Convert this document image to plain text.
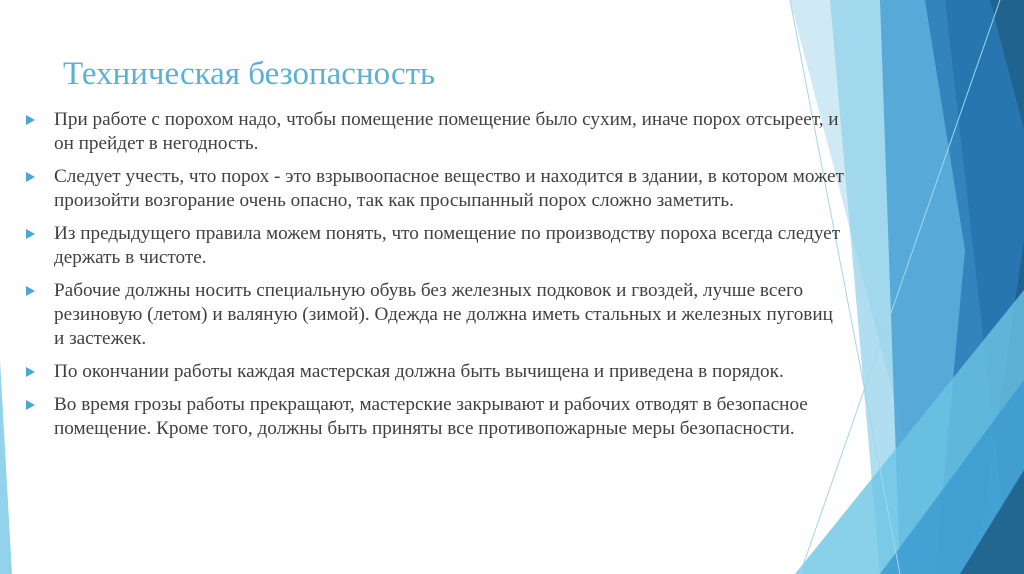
Техническая безопасность
При работе с порохом надо, чтобы помещение помещение было сухим, иначе порох отсыреет, и он прейдет в негодность.
Следует учесть, что порох - это взрывоопасное вещество и находится в здании, в котором может произойти возгорание очень опасно, так как просыпанный порох сложно заметить.
Из предыдущего правила можем понять, что помещение по производству пороха всегда следует держать в чистоте.
Рабочие должны носить специальную обувь без железных подковок и гвоздей, лучше всего резиновую (летом) и валяную (зимой). Одежда не должна иметь стальных и железных пуговиц и застежек.
По окончании работы каждая мастерская должна быть вычищена и приведена в порядок.
Во время грозы работы прекращают, мастерские закрывают и рабочих отводят в безопасное помещение. Кроме того, должны быть приняты все противопожарные меры безопасности.
